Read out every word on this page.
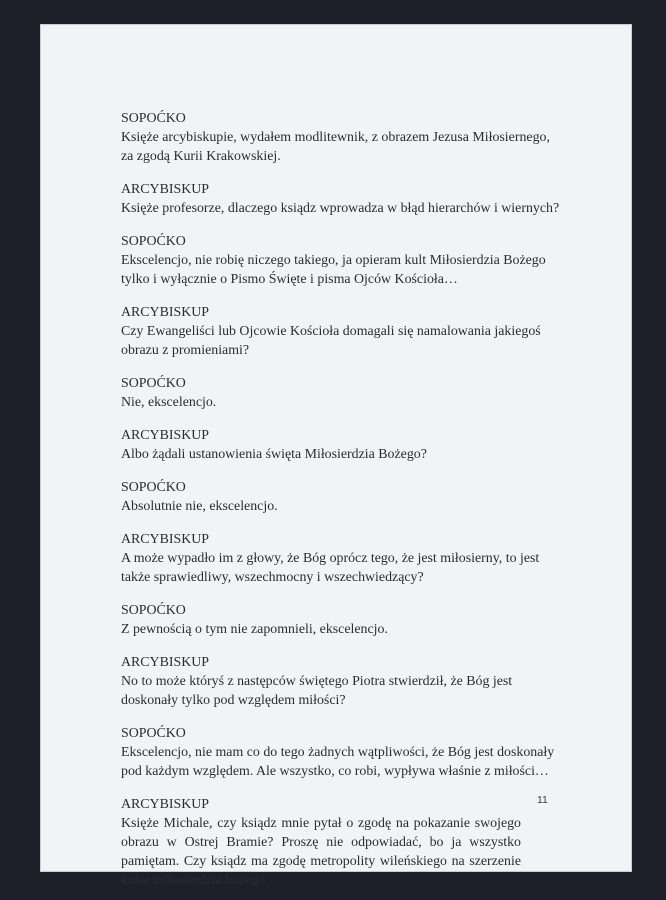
SOPOĆKO
Księże arcybiskupie, wydałem modlitewnik, z obrazem Jezusa Miłosiernego,
za zgodą Kurii Krakowskiej.
ARCYBISKUP
Księże profesorze, dlaczego ksiądz wprowadza w błąd hierarchów i wiernych?
SOPOĆKO
Ekscelencjo, nie robię niczego takiego, ja opieram kult Miłosierdzia Bożego
tylko i wyłącznie o Pismo Święte i pisma Ojców Kościoła…
ARCYBISKUP
Czy Ewangeliści lub Ojcowie Kościoła domagali się namalowania jakiegoś
obrazu z promieniami?
SOPOĆKO
Nie, ekscelencjo.
ARCYBISKUP
Albo żądali ustanowienia święta Miłosierdzia Bożego?
SOPOĆKO
Absolutnie nie, ekscelencjo.
ARCYBISKUP
A może wypadło im z głowy, że Bóg oprócz tego, że jest miłosierny, to jest
także sprawiedliwy, wszechmocny i wszechwiedzący?
SOPOĆKO
Z pewnością o tym nie zapomnieli, ekscelencjo.
ARCYBISKUP
No to może któryś z następców świętego Piotra stwierdził, że Bóg jest
doskonały tylko pod względem miłości?
SOPOĆKO
Ekscelencjo, nie mam co do tego żadnych wątpliwości, że Bóg jest doskonały
pod każdym względem. Ale wszystko, co robi, wypływa właśnie z miłości…
ARCYBISKUP
Księże Michale, czy ksiądz mnie pytał o zgodę na pokazanie swojego obrazu w Ostrej Bramie? Proszę nie odpowiadać, bo ja wszystko pamiętam. Czy ksiądz ma zgodę metropolity wileńskiego na szerzenie kultu miłosierdzia bożego
11
